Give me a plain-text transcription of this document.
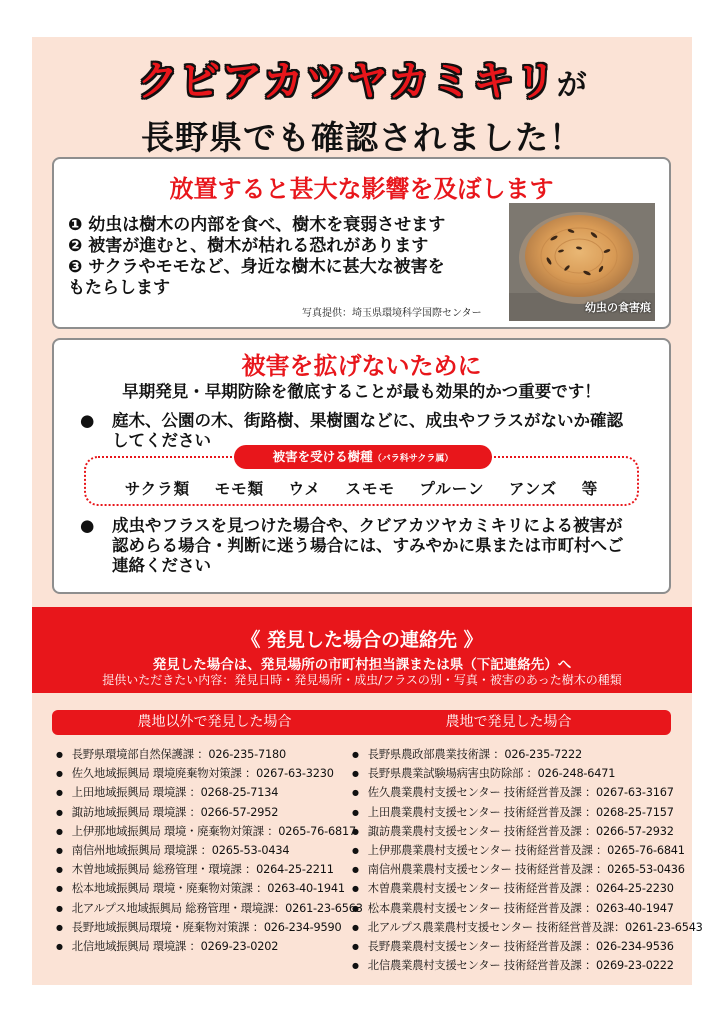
クビアカツヤカミキリが
長野県でも確認されました！
放置すると甚大な影響を及ぼします
❶ 幼虫は樹木の内部を食べ、樹木を衰弱させます
❷ 被害が進むと、樹木が枯れる恐れがあります
❸ サクラやモモなど、身近な樹木に甚大な被害を
もたらします
写真提供：埼玉県環境科学国際センター	幼虫の食害痕
被害を拡げないために
早期発見・早期防除を徹底することが最も効果的かつ重要です！
● 庭木、公園の木、街路樹、果樹園などに、成虫やフラスがないか確認
してください
被害を受ける樹種（バラ科サクラ属）
サクラ類 モモ類 ウメ スモモ プルーン アンズ 等
● 成虫やフラスを見つけた場合や、クビアカツヤカミキリによる被害が
認めらる場合・判断に迷う場合には、すみやかに県または市町村へご
連絡ください
《 発見した場合の連絡先 》
発見した場合は、発見場所の市町村担当課または県（下記連絡先）へ
提供いただきたい内容：発見日時・発見場所・成虫/フラスの別・写真・被害のあった樹木の種類
農地以外で発見した場合	農地で発見した場合
● 長野県環境部自然保護課 ：026-235-7180
● 佐久地域振興局 環境廃棄物対策課 ：0267-63-3230
● 上田地域振興局 環境課 ：0268-25-7134
● 諏訪地域振興局 環境課 ：0266-57-2952
● 上伊那地域振興局 環境・廃棄物対策課 ：0265-76-6817
● 南信州地域振興局 環境課 ：0265-53-0434
● 木曽地域振興局 総務管理・環境課 ：0264-25-2211
● 松本地域振興局 環境・廃棄物対策課 ：0263-40-1941
● 北アルプス地域振興局 総務管理・環境課：0261-23-6563
● 長野地域振興局環境・廃棄物対策課 ：026-234-9590
● 北信地域振興局 環境課 ：0269-23-0202
● 長野県農政部農業技術課 ：026-235-7222
● 長野県農業試験場病害虫防除部 ：026-248-6471
● 佐久農業農村支援センター 技術経営普及課 ：0267-63-3167
● 上田農業農村支援センター 技術経営普及課 ：0268-25-7157
● 諏訪農業農村支援センター 技術経営普及課 ：0266-57-2932
● 上伊那農業農村支援センター 技術経営普及課 ：0265-76-6841
● 南信州農業農村支援センター 技術経営普及課 ：0265-53-0436
● 木曽農業農村支援センター 技術経営普及課 ：0264-25-2230
● 松本農業農村支援センター 技術経営普及課 ：0263-40-1947
● 北アルプス農業農村支援センター 技術経営普及課：0261-23-6543
● 長野農業農村支援センター 技術経営普及課 ：026-234-9536
● 北信農業農村支援センター 技術経営普及課 ：0269-23-0222
